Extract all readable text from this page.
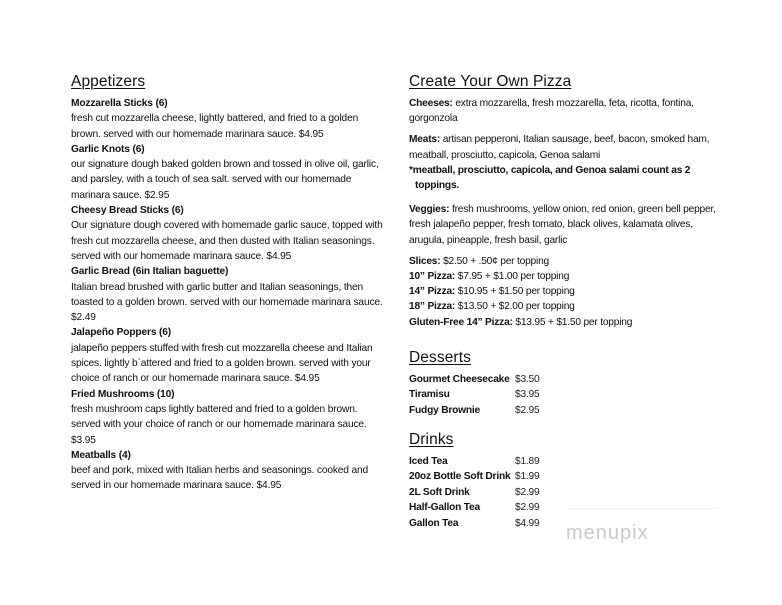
Appetizers
Mozzarella Sticks (6)
fresh cut mozzarella cheese, lightly battered, and fried to a golden brown. served with our homemade marinara sauce. $4.95
Garlic Knots (6)
our signature dough baked golden brown and tossed in olive oil, garlic, and parsley, with a touch of sea salt. served with our homemade marinara sauce. $2.95
Cheesy Bread Sticks (6)
Our signature dough covered with homemade garlic sauce, topped with fresh cut mozzarella cheese, and then dusted with Italian seasonings. served with our homemade marinara sauce. $4.95
Garlic Bread (6in Italian baguette)
Italian bread brushed with garlic butter and Italian seasonings, then toasted to a golden brown. served with our homemade marinara sauce. $2.49
Jalapeño Poppers (6)
jalapeño peppers stuffed with fresh cut mozzarella cheese and Italian spices. lightly b`attered and fried to a golden brown. served with your choice of ranch or our homemade marinara sauce. $4.95
Fried Mushrooms (10)
fresh mushroom caps lightly battered and fried to a golden brown. served with your choice of ranch or our homemade marinara sauce. $3.95
Meatballs (4)
beef and pork, mixed with Italian herbs and seasonings. cooked and served in our homemade marinara sauce. $4.95
Create Your Own Pizza
Cheeses: extra mozzarella, fresh mozzarella, feta, ricotta, fontina, gorgonzola
Meats: artisan pepperoni, Italian sausage, beef, bacon, smoked ham, meatball, prosciutto, capicola, Genoa salami
*meatball, prosciutto, capicola, and Genoa salami count as 2
toppings.
Veggies: fresh mushrooms, yellow onion, red onion, green bell pepper, fresh jalapeño pepper, fresh tomato, black olives, kalamata olives, arugula, pineapple, fresh basil, garlic
Slices: $2.50 + .50¢ per topping
10” Pizza: $7.95 + $1.00 per topping
14” Pizza: $10.95 + $1.50 per topping
18” Pizza: $13.50 + $2.00 per topping
Gluten-Free 14” Pizza: $13.95 + $1.50 per topping
Desserts
Gourmet Cheesecake $3.50
Tiramisu	$3.95
Fudgy Brownie	$2.95
Drinks
Iced Tea	$1.89
20oz Bottle Soft Drink $1.99
2L Soft Drink	$2.99
Half-Gallon Tea	$2.99
Gallon Tea	$4.99 menupix
